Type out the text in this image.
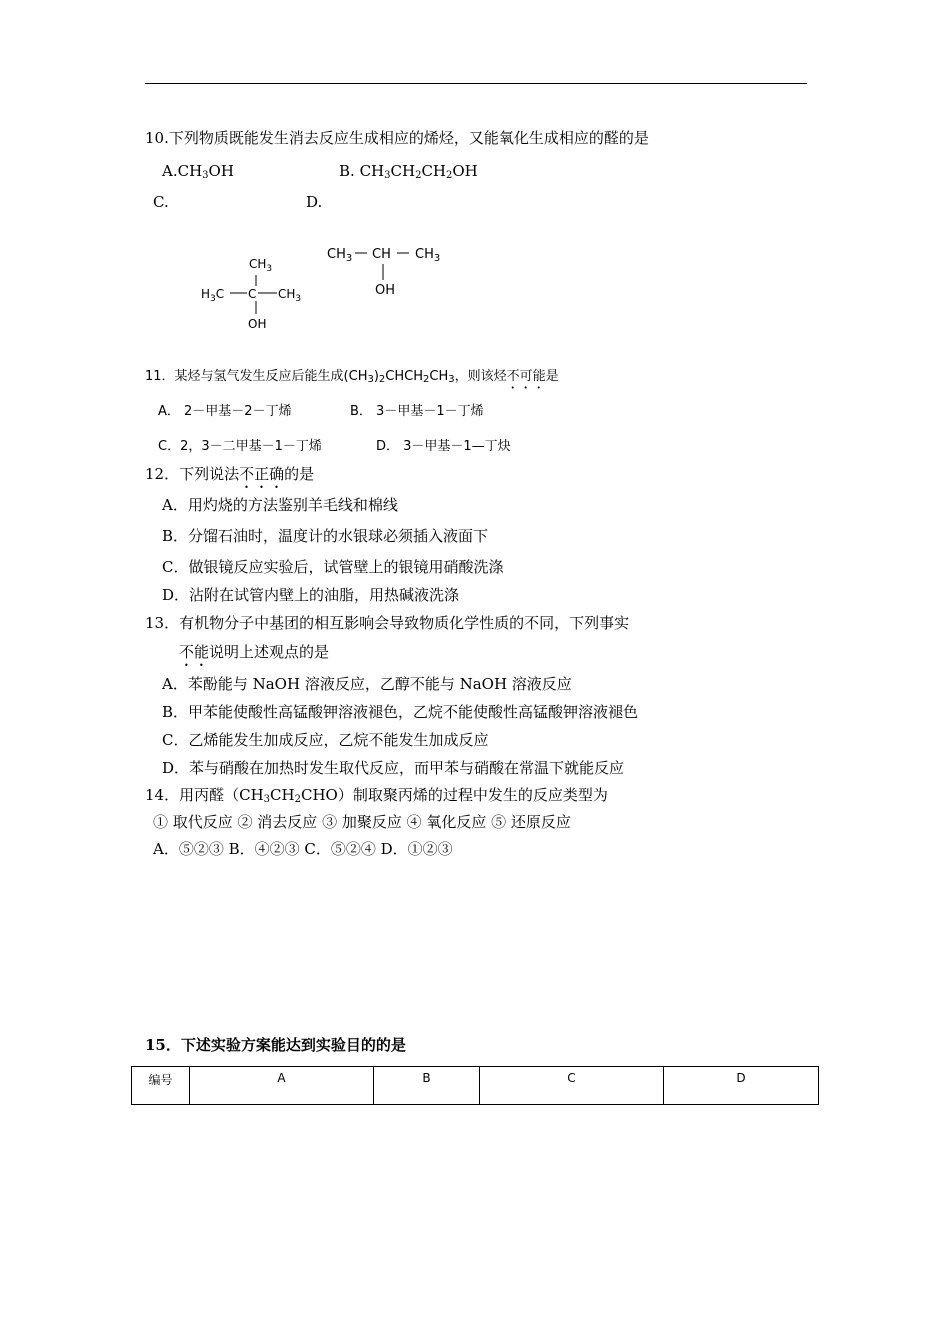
10.下列物质既能发生消去反应生成相应的烯烃，又能氧化生成相应的醛的是
$A.CH_3OH$	B. $CH_3CH_2CH_2OH$
C.	D.
$CH_3$
$H_3C$ C $CH_3$
OH
$CH_3$ CH $CH_3$
OH
11．某烃与氢气发生反应后能生成$(CH_3)_2CHCH_2CH_3$，则该烃不可能是
A． 2－甲基－2－丁烯	B． 3－甲基－1－丁烯
C．2，3－二甲基－1－丁烯	D． 3－甲基－1—丁炔
12．下列说法不正确的是
A．用灼烧的方法鉴别羊毛线和棉线
B．分馏石油时，温度计的水银球必须插入液面下
C．做银镜反应实验后，试管壁上的银镜用硝酸洗涤
D．沾附在试管内壁上的油脂，用热碱液洗涤
13．有机物分子中基团的相互影响会导致物质化学性质的不同，下列事实
不能说明上述观点的是
A．苯酚能与 NaOH 溶液反应，乙醇不能与 NaOH 溶液反应
B．甲苯能使酸性高锰酸钾溶液褪色，乙烷不能使酸性高锰酸钾溶液褪色
C．乙烯能发生加成反应，乙烷不能发生加成反应
D．苯与硝酸在加热时发生取代反应，而甲苯与硝酸在常温下就能反应
14．用丙醛$(CH_3CH_2CHO)$制取聚丙烯的过程中发生的反应类型为
① 取代反应 ② 消去反应 ③ 加聚反应 ④ 氧化反应 ⑤ 还原反应
A．⑤②③ B．④②③ C．⑤②④ D．①②③
15．下述实验方案能达到实验目的的是
编号	A	B	C	D
